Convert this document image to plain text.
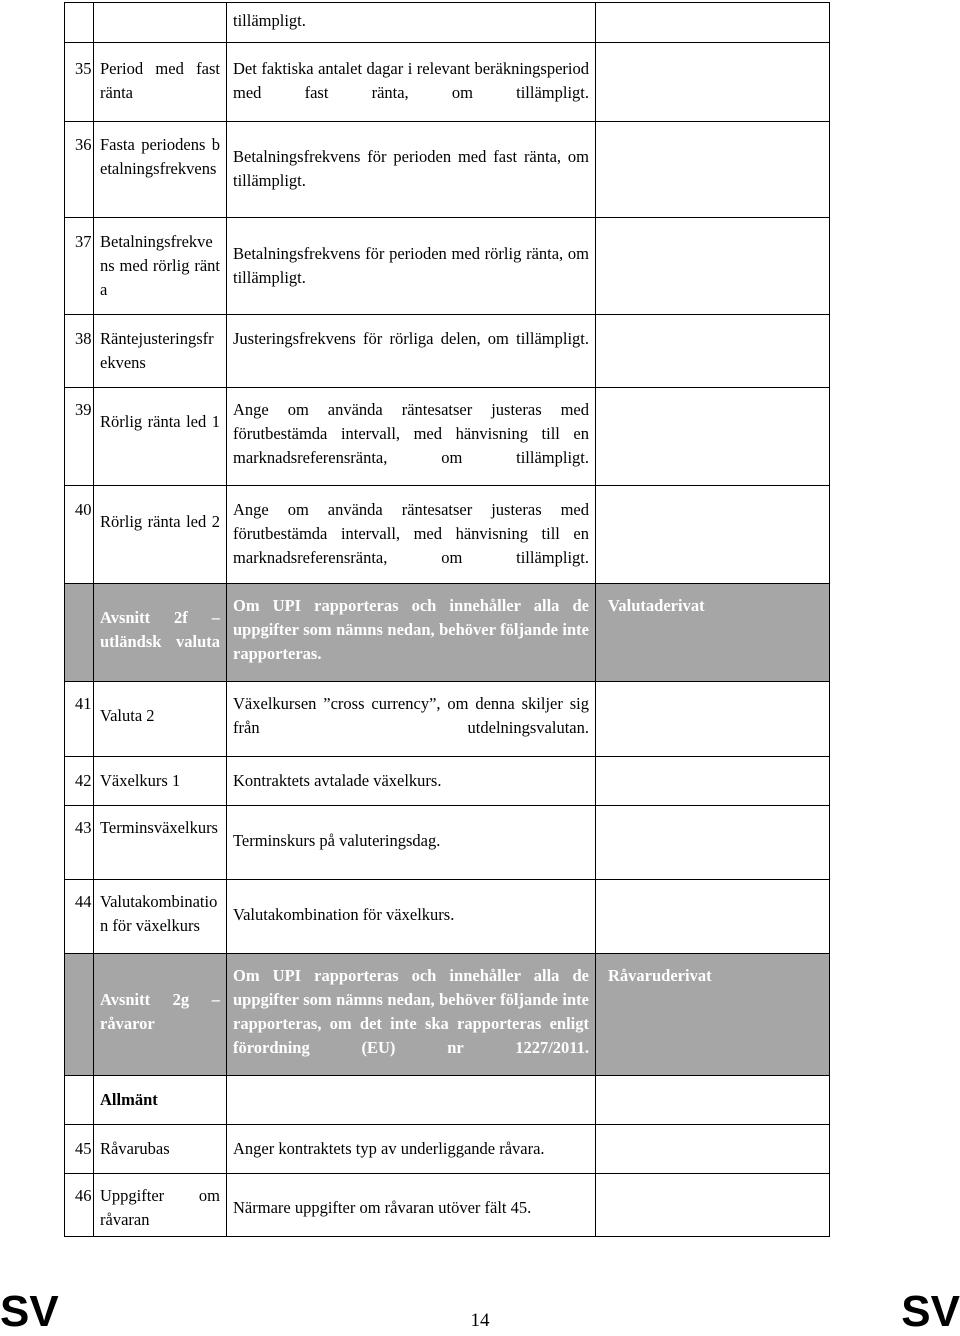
		tillämpligt.	
35	Period med fast ränta	Det faktiska antalet dagar i relevant beräkningsperiod med fast ränta, om tillämpligt.	
36	Fasta periodens betalningsfrekvens	Betalningsfrekvens för perioden med fast ränta, om tillämpligt.	
37	Betalningsfrekvens med rörlig ränta	Betalningsfrekvens för perioden med rörlig ränta, om tillämpligt.	
38	Räntejusteringsfrekvens	Justeringsfrekvens för rörliga delen, om tillämpligt.	
39	Rörlig ränta led 1	Ange om använda räntesatser justeras med förutbestämda intervall, med hänvisning till en marknadsreferensränta, om tillämpligt.	
40	Rörlig ränta led 2	Ange om använda räntesatser justeras med förutbestämda intervall, med hänvisning till en marknadsreferensränta, om tillämpligt.	
	Avsnitt 2f – utländsk valuta	Om UPI rapporteras och innehåller alla de uppgifter som nämns nedan, behöver följande inte rapporteras.	Valutaderivat
41	Valuta 2	Växelkursen ”cross currency”, om denna skiljer sig från utdelningsvalutan.	
42	Växelkurs 1	Kontraktets avtalade växelkurs.	
43	Terminsväxelkurs	Terminskurs på valuteringsdag.	
44	Valutakombination för växelkurs	Valutakombination för växelkurs.	
	Avsnitt 2g – råvaror	Om UPI rapporteras och innehåller alla de uppgifter som nämns nedan, behöver följande inte rapporteras, om det inte ska rapporteras enligt förordning (EU) nr 1227/2011.	Råvaruderivat
	Allmänt		
45	Råvarubas	Anger kontraktets typ av underliggande råvara.	
46	Uppgifter om råvaran	Närmare uppgifter om råvaran utöver fält 45.	
SV	14	SV
